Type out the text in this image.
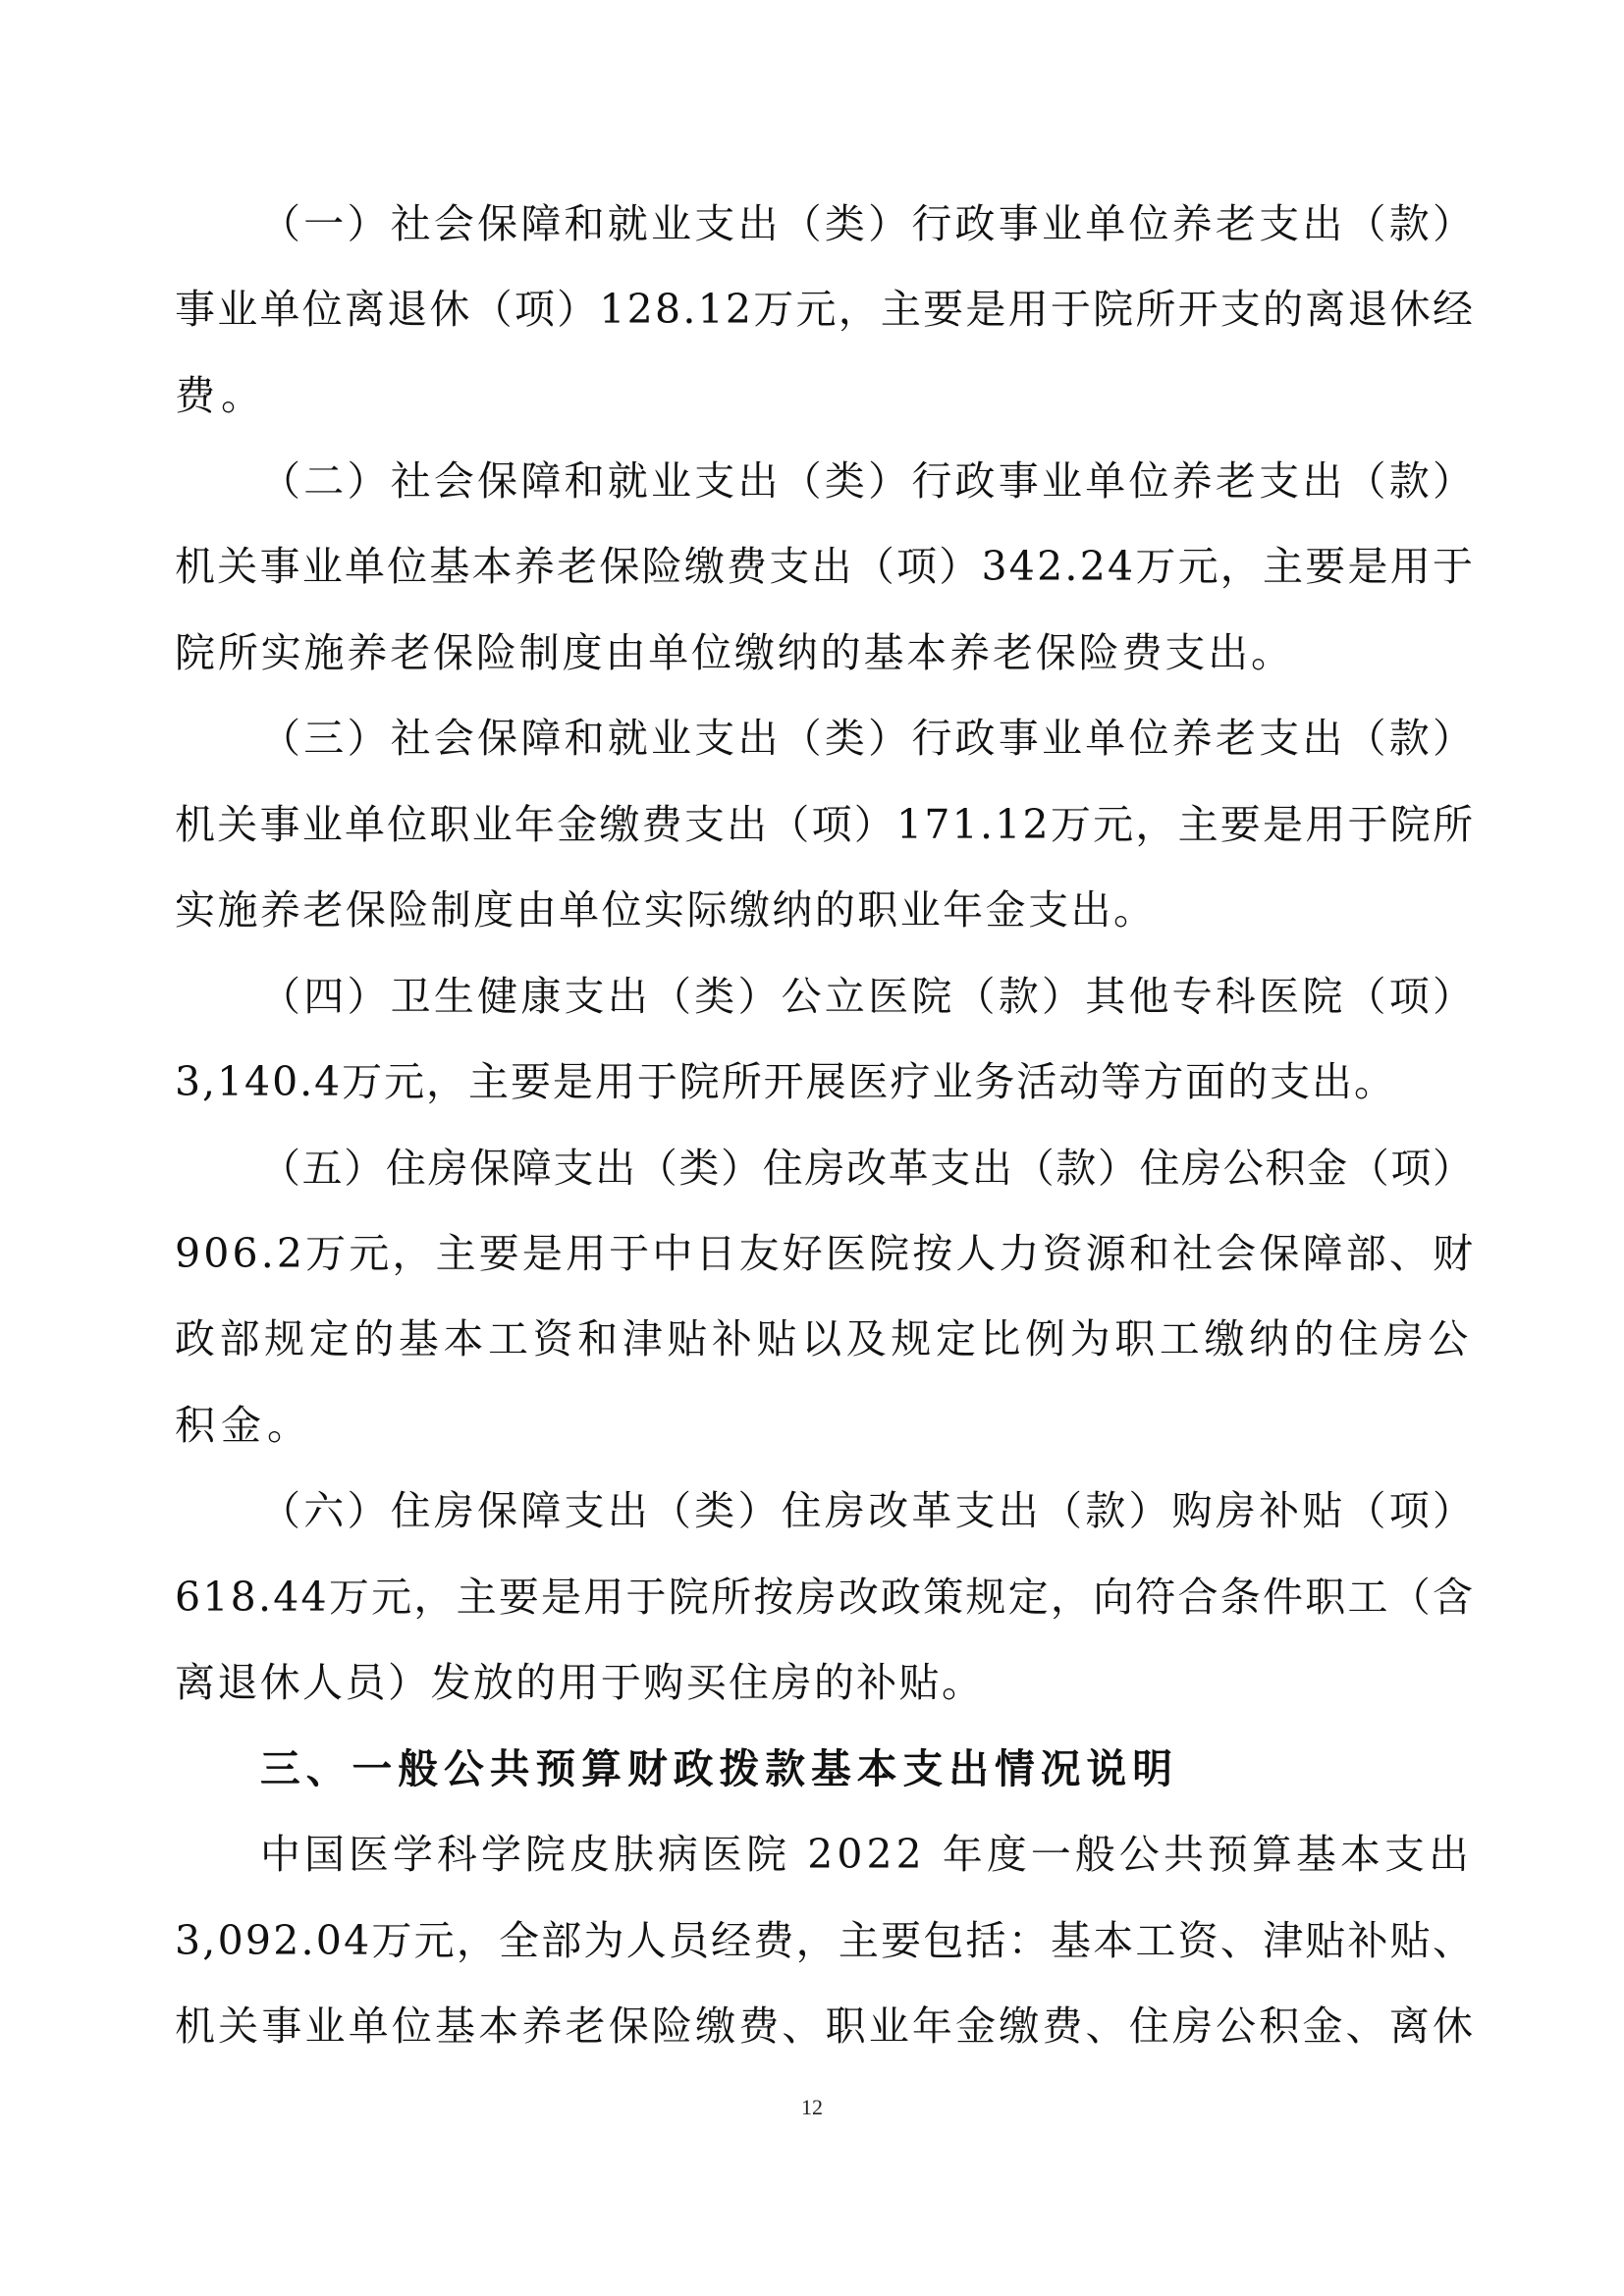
（一）社会保障和就业支出（类）行政事业单位养老支出（款）
事业单位离退休（项）128.12万元，主要是用于院所开支的离退休经
费。
（二）社会保障和就业支出（类）行政事业单位养老支出（款）
机关事业单位基本养老保险缴费支出（项）342.24万元，主要是用于
院所实施养老保险制度由单位缴纳的基本养老保险费支出。
（三）社会保障和就业支出（类）行政事业单位养老支出（款）
机关事业单位职业年金缴费支出（项）171.12万元，主要是用于院所
实施养老保险制度由单位实际缴纳的职业年金支出。
（四）卫生健康支出（类）公立医院（款）其他专科医院（项）
3,140.4万元，主要是用于院所开展医疗业务活动等方面的支出。
（五）住房保障支出（类）住房改革支出（款）住房公积金（项）
906.2万元，主要是用于中日友好医院按人力资源和社会保障部、财
政部规定的基本工资和津贴补贴以及规定比例为职工缴纳的住房公
积金。
（六）住房保障支出（类）住房改革支出（款）购房补贴（项）
618.44万元，主要是用于院所按房改政策规定，向符合条件职工（含
离退休人员）发放的用于购买住房的补贴。
三、一般公共预算财政拨款基本支出情况说明
中国医学科学院皮肤病医院 2022 年度一般公共预算基本支出
3,092.04万元，全部为人员经费，主要包括：基本工资、津贴补贴、
机关事业单位基本养老保险缴费、职业年金缴费、住房公积金、离休
12
